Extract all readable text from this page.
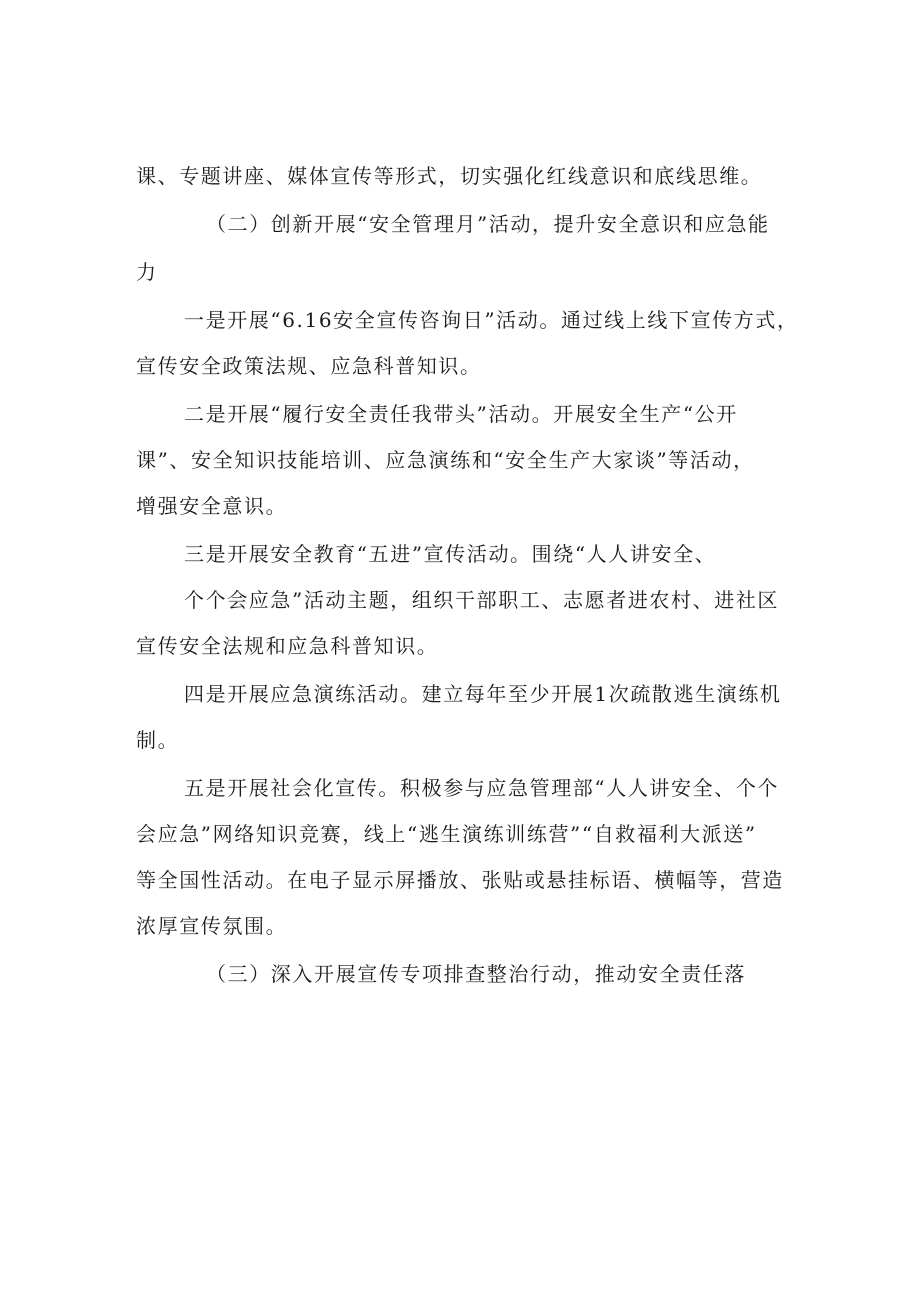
课、专题讲座、媒体宣传等形式，切实强化红线意识和底线思维。
（二）创新开展“安全管理月”活动，提升安全意识和应急能
力
一是开展“6.16安全宣传咨询日”活动。通过线上线下宣传方式，
宣传安全政策法规、应急科普知识。
二是开展“履行安全责任我带头”活动。开展安全生产“公开
课”、安全知识技能培训、应急演练和“安全生产大家谈”等活动，
增强安全意识。
三是开展安全教育“五进”宣传活动。围绕“人人讲安全、
个个会应急”活动主题，组织干部职工、志愿者进农村、进社区
宣传安全法规和应急科普知识。
四是开展应急演练活动。建立每年至少开展1次疏散逃生演练机
制。
五是开展社会化宣传。积极参与应急管理部“人人讲安全、个个
会应急”网络知识竞赛，线上“逃生演练训练营”“自救福利大派送”
等全国性活动。在电子显示屏播放、张贴或悬挂标语、横幅等，营造
浓厚宣传氛围。
（三）深入开展宣传专项排查整治行动，推动安全责任落
